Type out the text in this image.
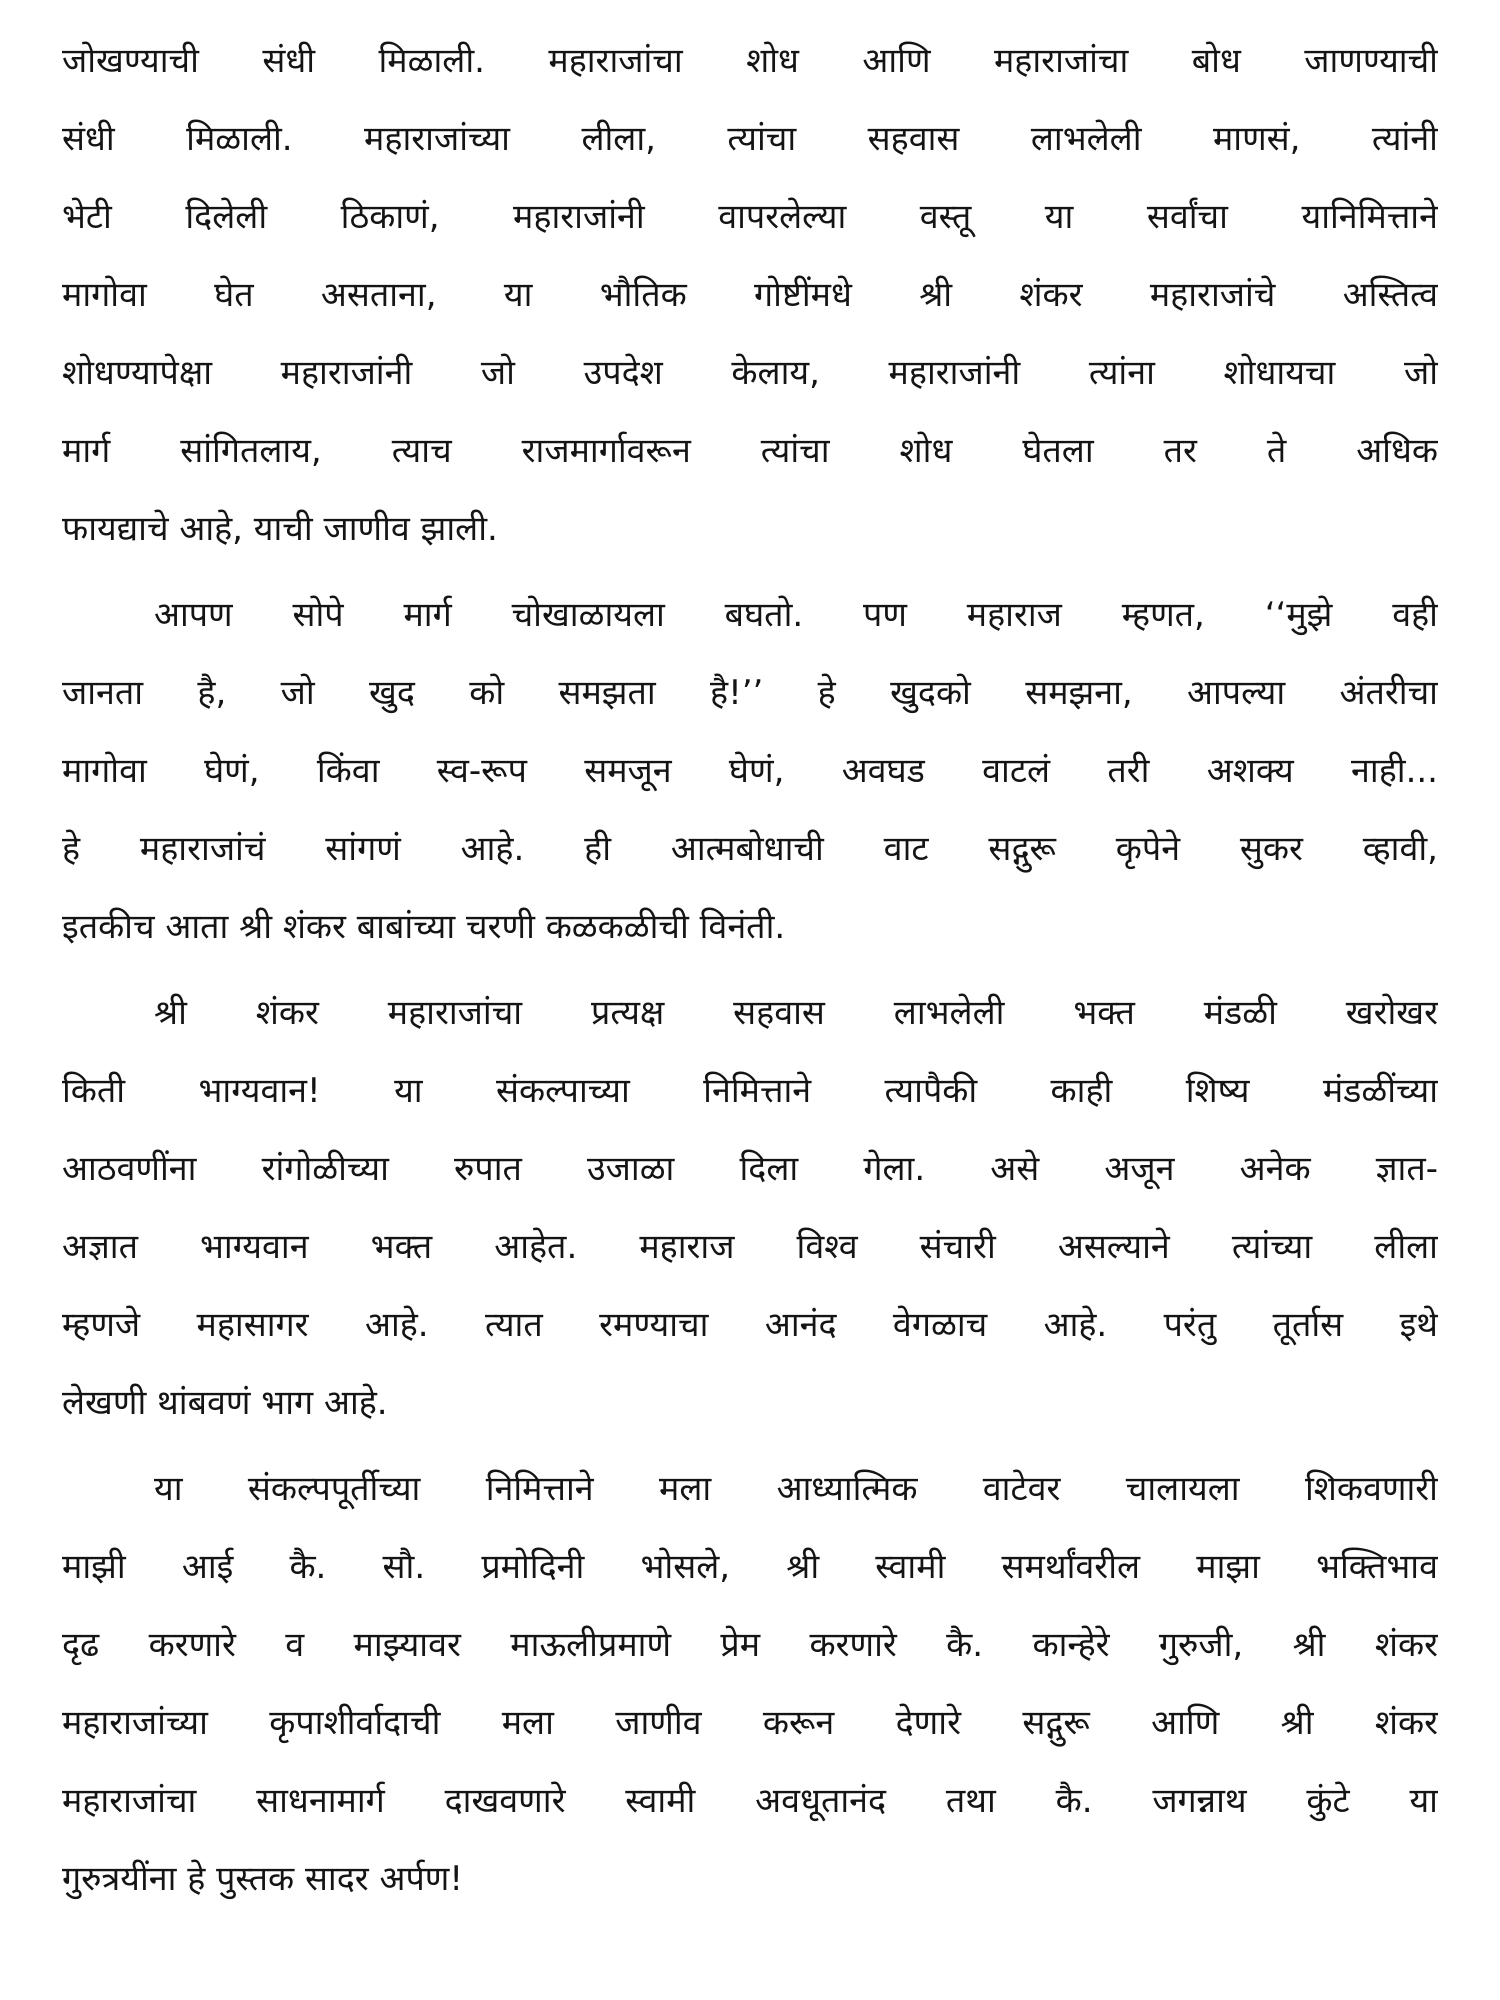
जोखण्याची संधी मिळाली. महाराजांचा शोध आणि महाराजांचा बोध जाणण्याची
संधी मिळाली. महाराजांच्या लीला, त्यांचा सहवास लाभलेली माणसं, त्यांनी
भेटी दिलेली ठिकाणं, महाराजांनी वापरलेल्या वस्तू या सर्वांचा यानिमित्ताने
मागोवा घेत असताना, या भौतिक गोष्टींमधे श्री शंकर महाराजांचे अस्तित्व
शोधण्यापेक्षा महाराजांनी जो उपदेश केलाय, महाराजांनी त्यांना शोधायचा जो
मार्ग सांगितलाय, त्याच राजमार्गावरून त्यांचा शोध घेतला तर ते अधिक
फायद्याचे आहे, याची जाणीव झाली.

आपण सोपे मार्ग चोखाळायला बघतो. पण महाराज म्हणत, ‘‘मुझे वही
जानता है, जो खुद को समझता है!’’ हे खुदको समझना, आपल्या अंतरीचा
मागोवा घेणं, किंवा स्व-रूप समजून घेणं, अवघड वाटलं तरी अशक्य नाही...
हे महाराजांचं सांगणं आहे. ही आत्मबोधाची वाट सद्गुरू कृपेने सुकर व्हावी,
इतकीच आता श्री शंकर बाबांच्या चरणी कळकळीची विनंती.

श्री शंकर महाराजांचा प्रत्यक्ष सहवास लाभलेली भक्त मंडळी खरोखर
किती भाग्यवान! या संकल्पाच्या निमित्ताने त्यापैकी काही शिष्य मंडळींच्या
आठवणींना रांगोळीच्या रुपात उजाळा दिला गेला. असे अजून अनेक ज्ञात-
अज्ञात भाग्यवान भक्त आहेत. महाराज विश्व संचारी असल्याने त्यांच्या लीला
म्हणजे महासागर आहे. त्यात रमण्याचा आनंद वेगळाच आहे. परंतु तूर्तास इथे
लेखणी थांबवणं भाग आहे.

या संकल्पपूर्तीच्या निमित्ताने मला आध्यात्मिक वाटेवर चालायला शिकवणारी
माझी आई कै. सौ. प्रमोदिनी भोसले, श्री स्वामी समर्थांवरील माझा भक्तिभाव
दृढ करणारे व माझ्यावर माऊलीप्रमाणे प्रेम करणारे कै. कान्हेरे गुरुजी, श्री शंकर
महाराजांच्या कृपाशीर्वादाची मला जाणीव करून देणारे सद्गुरू आणि श्री शंकर
महाराजांचा साधनामार्ग दाखवणारे स्वामी अवधूतानंद तथा कै. जगन्नाथ कुंटे या
गुरुत्रयींना हे पुस्तक सादर अर्पण!
